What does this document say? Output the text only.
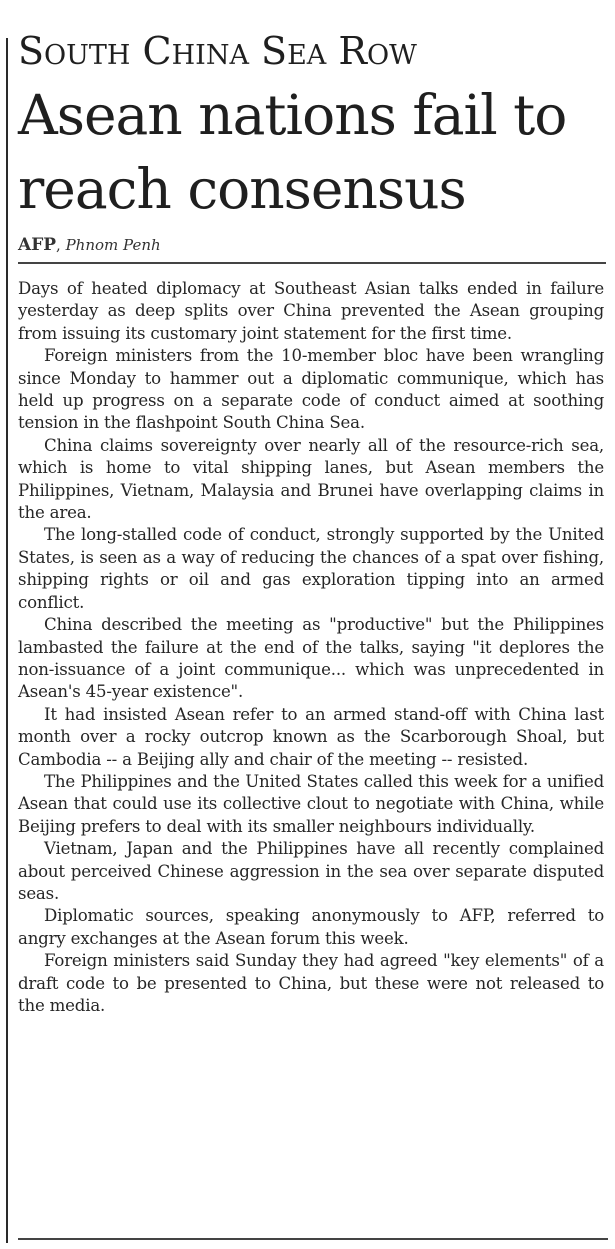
South China Sea Row
Asean nations fail to reach consensus
AFP, Phnom Penh

Days of heated diplomacy at Southeast Asian talks ended in failure yesterday as deep splits over China prevented the Asean grouping from issuing its customary joint statement for the first time.

Foreign ministers from the 10-member bloc have been wrangling since Monday to hammer out a diplomatic communique, which has held up progress on a separate code of conduct aimed at soothing tension in the flashpoint South China Sea.

China claims sovereignty over nearly all of the resource-rich sea, which is home to vital shipping lanes, but Asean members the Philippines, Vietnam, Malaysia and Brunei have overlapping claims in the area.

The long-stalled code of conduct, strongly supported by the United States, is seen as a way of reducing the chances of a spat over fishing, shipping rights or oil and gas exploration tipping into an armed conflict.

China described the meeting as "productive" but the Philippines lambasted the failure at the end of the talks, saying "it deplores the non-issuance of a joint communique... which was unprecedented in Asean's 45-year existence".

It had insisted Asean refer to an armed stand-off with China last month over a rocky outcrop known as the Scarborough Shoal, but Cambodia -- a Beijing ally and chair of the meeting -- resisted.

The Philippines and the United States called this week for a unified Asean that could use its collective clout to negotiate with China, while Beijing prefers to deal with its smaller neighbours individually.

Vietnam, Japan and the Philippines have all recently complained about perceived Chinese aggression in the sea over separate disputed seas.

Diplomatic sources, speaking anonymously to AFP, referred to angry exchanges at the Asean forum this week.

Foreign ministers said Sunday they had agreed "key elements" of a draft code to be presented to China, but these were not released to the media.
